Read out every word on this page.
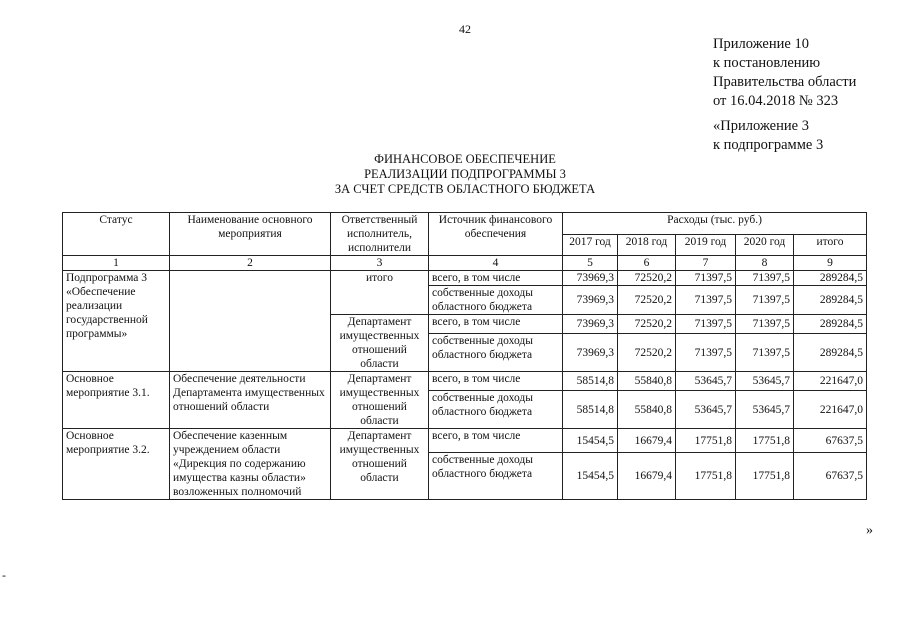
42
Приложение 10
к постановлению
Правительства области
от 16.04.2018 № 323
«Приложение 3
к подпрограмме 3
ФИНАНСОВОЕ ОБЕСПЕЧЕНИЕ
РЕАЛИЗАЦИИ ПОДПРОГРАММЫ 3
ЗА СЧЕТ СРЕДСТВ ОБЛАСТНОГО БЮДЖЕТА
Статус	Наименование основного мероприятия	Ответственный исполнитель, исполнители	Источник финансового обеспечения	Расходы (тыс. руб.)				
				2017 год	2018 год	2019 год	2020 год	итого
1	2	3	4	5	6	7	8	9
Подпрограмма 3 «Обеспечение реализации государственной программы»		итого	всего, в том числе	73969,3	72520,2	71397,5	71397,5	289284,5
			собственные доходы областного бюджета	73969,3	72520,2	71397,5	71397,5	289284,5
		Департамент имущественных отношений области	всего, в том числе	73969,3	72520,2	71397,5	71397,5	289284,5
			собственные доходы областного бюджета	73969,3	72520,2	71397,5	71397,5	289284,5
Основное мероприятие 3.1.	Обеспечение деятельности Департамента имущественных отношений области	Департамент имущественных отношений области	всего, в том числе	58514,8	55840,8	53645,7	53645,7	221647,0
			собственные доходы областного бюджета	58514,8	55840,8	53645,7	53645,7	221647,0
Основное мероприятие 3.2.	Обеспечение казенным учреждением области «Дирекция по содержанию имущества казны области» возложенных полномочий	Департамент имущественных отношений области	всего, в том числе	15454,5	16679,4	17751,8	17751,8	67637,5
			собственные доходы областного бюджета	15454,5	16679,4	17751,8	17751,8	67637,5
»
-
